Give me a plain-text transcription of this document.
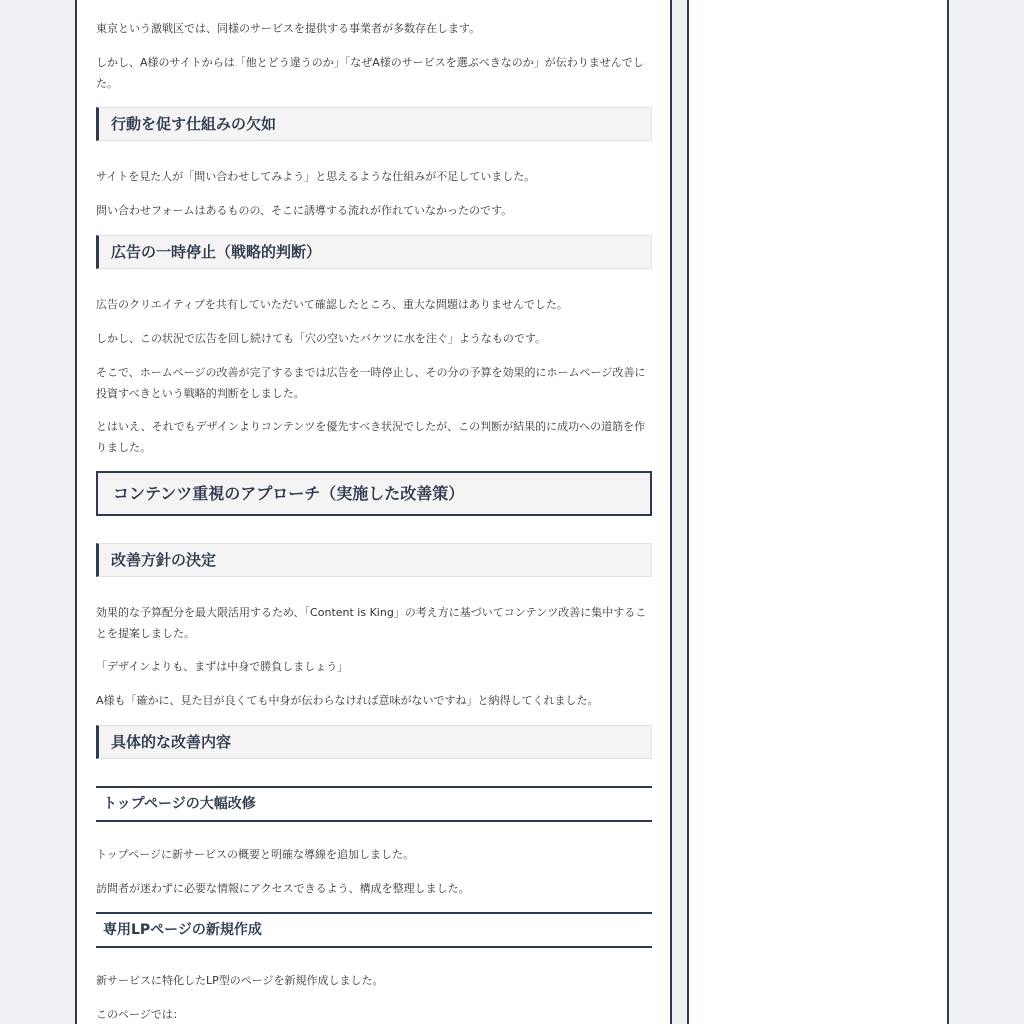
東京という激戦区では、同様のサービスを提供する事業者が多数存在します。

しかし、A様のサイトからは「他とどう違うのか」「なぜA様のサービスを選ぶべきなのか」が伝わりませんでした。

行動を促す仕組みの欠如

サイトを見た人が「問い合わせしてみよう」と思えるような仕組みが不足していました。

問い合わせフォームはあるものの、そこに誘導する流れが作れていなかったのです。

広告の一時停止（戦略的判断）

広告のクリエイティブを共有していただいて確認したところ、重大な問題はありませんでした。

しかし、この状況で広告を回し続けても「穴の空いたバケツに水を注ぐ」ようなものです。

そこで、ホームページの改善が完了するまでは広告を一時停止し、その分の予算を効果的にホームページ改善に投資すべきという戦略的判断をしました。

とはいえ、それでもデザインよりコンテンツを優先すべき状況でしたが、この判断が結果的に成功への道筋を作りました。

コンテンツ重視のアプローチ（実施した改善策）
改善方針の決定

効果的な予算配分を最大限活用するため、「Content is King」の考え方に基づいてコンテンツ改善に集中することを提案しました。

「デザインよりも、まずは中身で勝負しましょう」

A様も「確かに、見た目が良くても中身が伝わらなければ意味がないですね」と納得してくれました。

具体的な改善内容
トップページの大幅改修

トップページに新サービスの概要と明確な導線を追加しました。

訪問者が迷わずに必要な情報にアクセスできるよう、構成を整理しました。

専用LPページの新規作成

新サービスに特化したLP型のページを新規作成しました。

このページでは：
